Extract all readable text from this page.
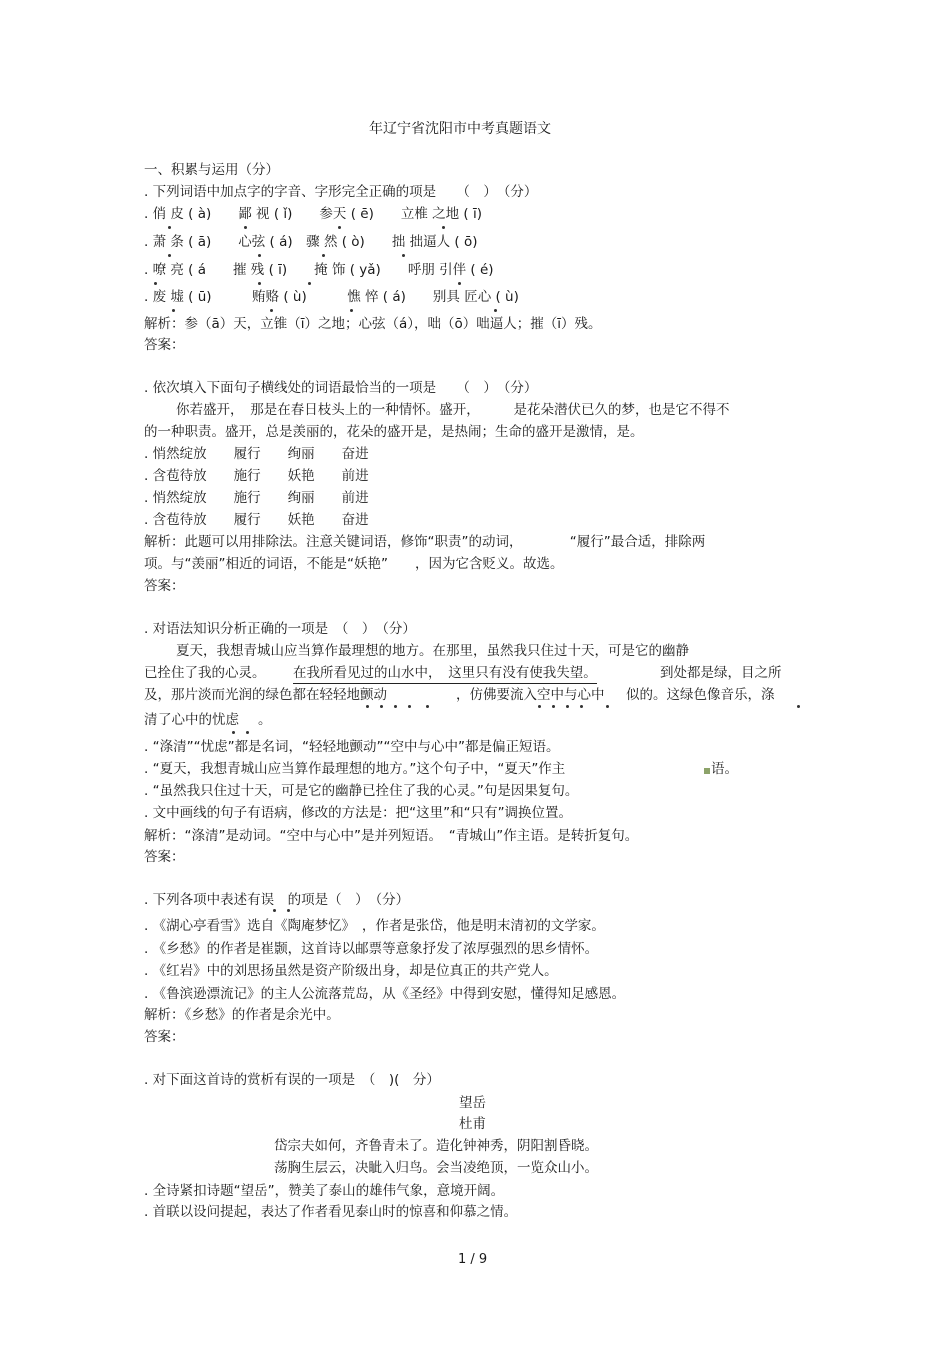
年辽宁省沈阳市中考真题语文
一、积累与运用（分）
. 下列词语中加点字的字音、字形完全正确的项是　　（　）　（分）
. 俏 皮 ( à)　　鄙 视 ( ǐ)　　参天 ( ē)　　立椎 之地 ( ī)
. 萧 条 ( ā)　　心弦 ( á)　骤 然 ( ò)　　拙 拙逼人 ( ō)
. 嘹 亮 ( á　　摧 残 ( ī)　　掩 饰 ( yǎ)　　呼朋 引伴 ( é)
. 废 墟 ( ū)　　　贿赂 ( ù)　　　憔 悴 ( á)　　别具 匠心 ( ù)
解析：参（ā）天，立锥（ī）之地；心弦（á），咄（ō）咄逼人；摧（ī）残。
答案：
. 依次填入下面句子横线处的词语最恰当的一项是　　（　）　（分）
你若盛开，　那是在春日枝头上的一种情怀。盛开，　　　是花朵潜伏已久的梦，也是它不得不
的一种职责。盛开，总是羡丽的，花朵的盛开是，是热闹；生命的盛开是激情，是。
. 悄然绽放　　履行　　绚丽　　奋进
. 含苞待放　　施行　　妖艳　　前进
. 悄然绽放　　施行　　绚丽　　前进
. 含苞待放　　履行　　妖艳　　奋进
解析：此题可以用排除法。注意关键词语，修饰“职责”的动词，　　　　“履行”最合适，排除两
项。与“羡丽”相近的词语，不能是“妖艳”　　，因为它含贬义。故选。
答案：
. 对语法知识分析正确的一项是　（　）　（分）
夏天，我想青城山应当算作最理想的地方。在那里，虽然我只住过十天，可是它的幽静
已拴住了我的心灵。 在我所看见过的山水中，　这里只有没有使我失望。	到处都是绿，目之所
及，那片淡而光润的绿色都在轻轻地颤动	，仿佛要流入空中与心中 似的。这绿色像音乐，涤
清 了心中的忧虑 。
. “涤清”“忧虑”都是名词，“轻轻地颤动”“空中与心中”都是偏正短语。
. “夏天，我想青城山应当算作最理想的地方。”这个句子中，“夏天”作主	语。
. “虽然我只住过十天，可是它的幽静已拴住了我的心灵。”句是因果复句。
. 文中画线的句子有语病，修改的方法是：把“这里”和“只有”调换位置。
解析：“涤清”是动词。“空中与心中”是并列短语。　“青城山”作主语。是转折复句。
答案：
. 下列各项中表述有误　的项是（　）　（分）
. 《湖心亭看雪》选自《陶庵梦忆》　，作者是张岱，他是明末清初的文学家。
. 《乡愁》的作者是崔颢，这首诗以邮票等意象抒发了浓厚强烈的思乡情怀。
. 《红岩》中的刘思扬虽然是资产阶级出身，却是位真正的共产党人。
. 《鲁滨逊漂流记》的主人公流落荒岛，从《圣经》中得到安慰，懂得知足感恩。
解析：《乡愁》的作者是余光中。
答案：
. 对下面这首诗的赏析有误的一项是　（　)(　分）
望岳
杜甫
岱宗夫如何，齐鲁青未了。造化钟神秀，阴阳割昏晓。
荡胸生层云，决眦入归鸟。会当凌绝顶，一览众山小。
. 全诗紧扣诗题“望岳”，赞美了泰山的雄伟气象，意境开阔。
. 首联以设问提起，表达了作者看见泰山时的惊喜和仰慕之情。
1 / 9
